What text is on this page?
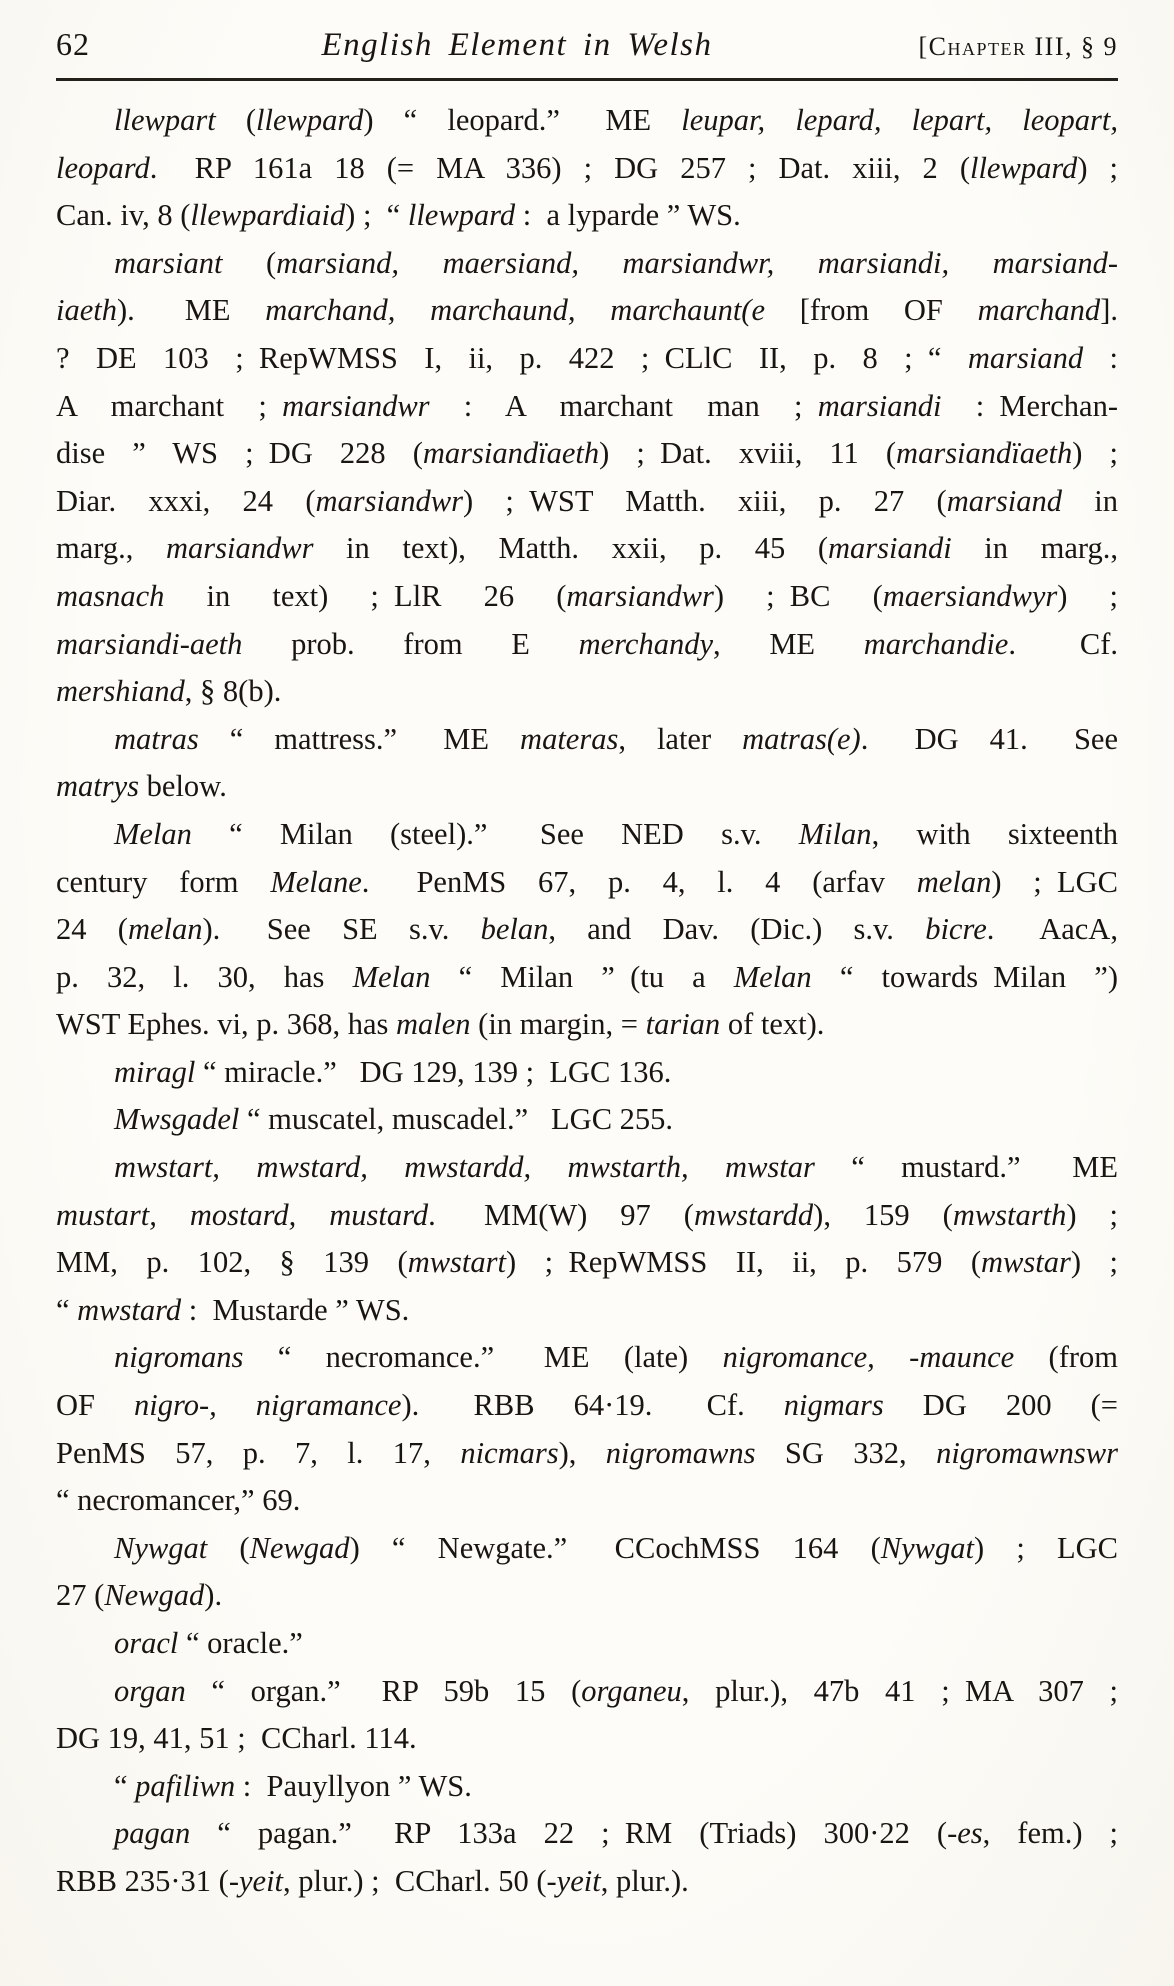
62	English Element in Welsh	[Chapter III, § 9

llewpart (llewpard) “ leopard.”  ME leupar, lepard, lepart, leopart,
leopard.  RP 161a 18 (= MA 336) ; DG 257 ; Dat. xiii, 2 (llewpard) ;
Can. iv, 8 (llewpardiaid) ; “ llewpard : a lyparde ” WS.

marsiant (marsiand, maersiand, marsiandwr, marsiandi, marsiand-
iaeth).  ME marchand, marchaund, marchaunt(e [from OF marchand].
? DE 103 ; RepWMSS I, ii, p. 422 ; CLlC II, p. 8 ; “ marsiand :
A marchant ; marsiandwr : A marchant man ; marsiandi : Merchan-
dise ” WS ; DG 228 (marsiandïaeth) ; Dat. xviii, 11 (marsiandïaeth) ;
Diar. xxxi, 24 (marsiandwr) ; WST Matth. xiii, p. 27 (marsiand in
marg., marsiandwr in text), Matth. xxii, p. 45 (marsiandi in marg.,
masnach in text) ; LlR 26 (marsiandwr) ; BC (maersiandwyr) ;
marsiandi-aeth prob. from E merchandy, ME marchandie.  Cf.
mershiand, § 8(b).

matras “ mattress.”  ME materas, later matras(e).  DG 41.  See
matrys below.

Melan “ Milan (steel).”  See NED s.v. Milan, with sixteenth
century form Melane.  PenMS 67, p. 4, l. 4 (arfav melan) ; LGC
24 (melan).  See SE s.v. belan, and Dav. (Dic.) s.v. bicre.  AacA,
p. 32, l. 30, has Melan “ Milan ” (tu a Melan “ towards Milan ”)
WST Ephes. vi, p. 368, has malen (in margin, = tarian of text).

miragl “ miracle.”  DG 129, 139 ; LGC 136.

Mwsgadel “ muscatel, muscadel.”  LGC 255.

mwstart, mwstard, mwstardd, mwstarth, mwstar “ mustard.”  ME
mustart, mostard, mustard.  MM(W) 97 (mwstardd), 159 (mwstarth) ;
MM, p. 102, § 139 (mwstart) ; RepWMSS II, ii, p. 579 (mwstar) ;
“ mwstard : Mustarde ” WS.

nigromans “ necromance.”  ME (late) nigromance, -maunce (from
OF nigro-, nigramance).  RBB 64·19.  Cf. nigmars DG 200 (=
PenMS 57, p. 7, l. 17, nicmars), nigromawns SG 332, nigromawnswr
“ necromancer,” 69.

Nywgat (Newgad) “ Newgate.”  CCochMSS 164 (Nywgat) ; LGC
27 (Newgad).

oracl “ oracle.”

organ “ organ.”  RP 59b 15 (organeu, plur.), 47b 41 ; MA 307 ;
DG 19, 41, 51 ; CCharl. 114.

“ pafiliwn : Pauyllyon ” WS.

pagan “ pagan.”  RP 133a 22 ; RM (Triads) 300·22 (-es, fem.) ;
RBB 235·31 (-yeit, plur.) ; CCharl. 50 (-yeit, plur.).
